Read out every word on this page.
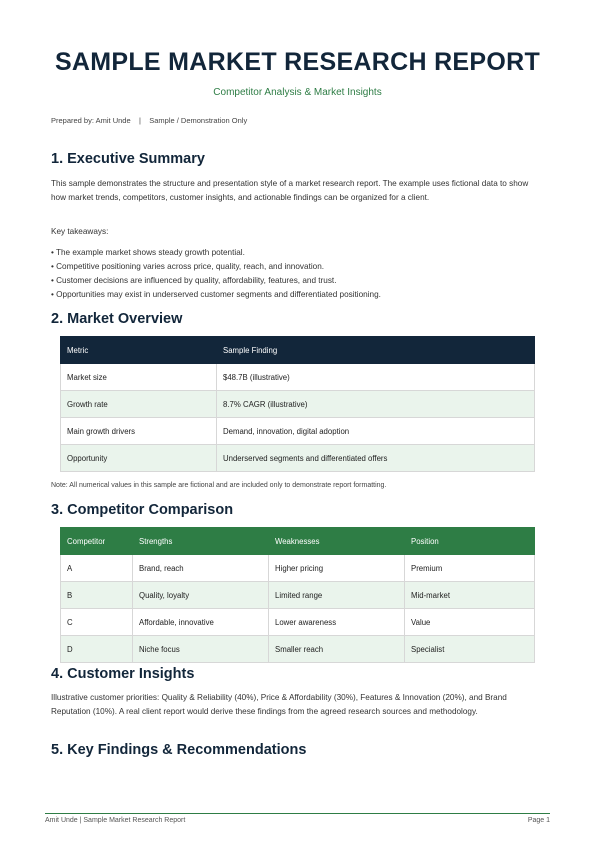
SAMPLE MARKET RESEARCH REPORT
Competitor Analysis & Market Insights
Prepared by: Amit Unde    |    Sample / Demonstration Only
1. Executive Summary
This sample demonstrates the structure and presentation style of a market research report. The example uses fictional data to show how market trends, competitors, customer insights, and actionable findings can be organized for a client.
Key takeaways:
• The example market shows steady growth potential.
• Competitive positioning varies across price, quality, reach, and innovation.
• Customer decisions are influenced by quality, affordability, features, and trust.
• Opportunities may exist in underserved customer segments and differentiated positioning.
2. Market Overview
Metric	Sample Finding
Market size	$48.7B (illustrative)
Growth rate	8.7% CAGR (illustrative)
Main growth drivers	Demand, innovation, digital adoption
Opportunity	Underserved segments and differentiated offers
Note: All numerical values in this sample are fictional and are included only to demonstrate report formatting.
3. Competitor Comparison
Competitor	Strengths	Weaknesses	Position
A	Brand, reach	Higher pricing	Premium
B	Quality, loyalty	Limited range	Mid-market
C	Affordable, innovative	Lower awareness	Value
D	Niche focus	Smaller reach	Specialist
4. Customer Insights
Illustrative customer priorities: Quality & Reliability (40%), Price & Affordability (30%), Features & Innovation (20%), and Brand Reputation (10%). A real client report would derive these findings from the agreed research sources and methodology.
5. Key Findings & Recommendations
Amit Unde | Sample Market Research Report	Page 1
